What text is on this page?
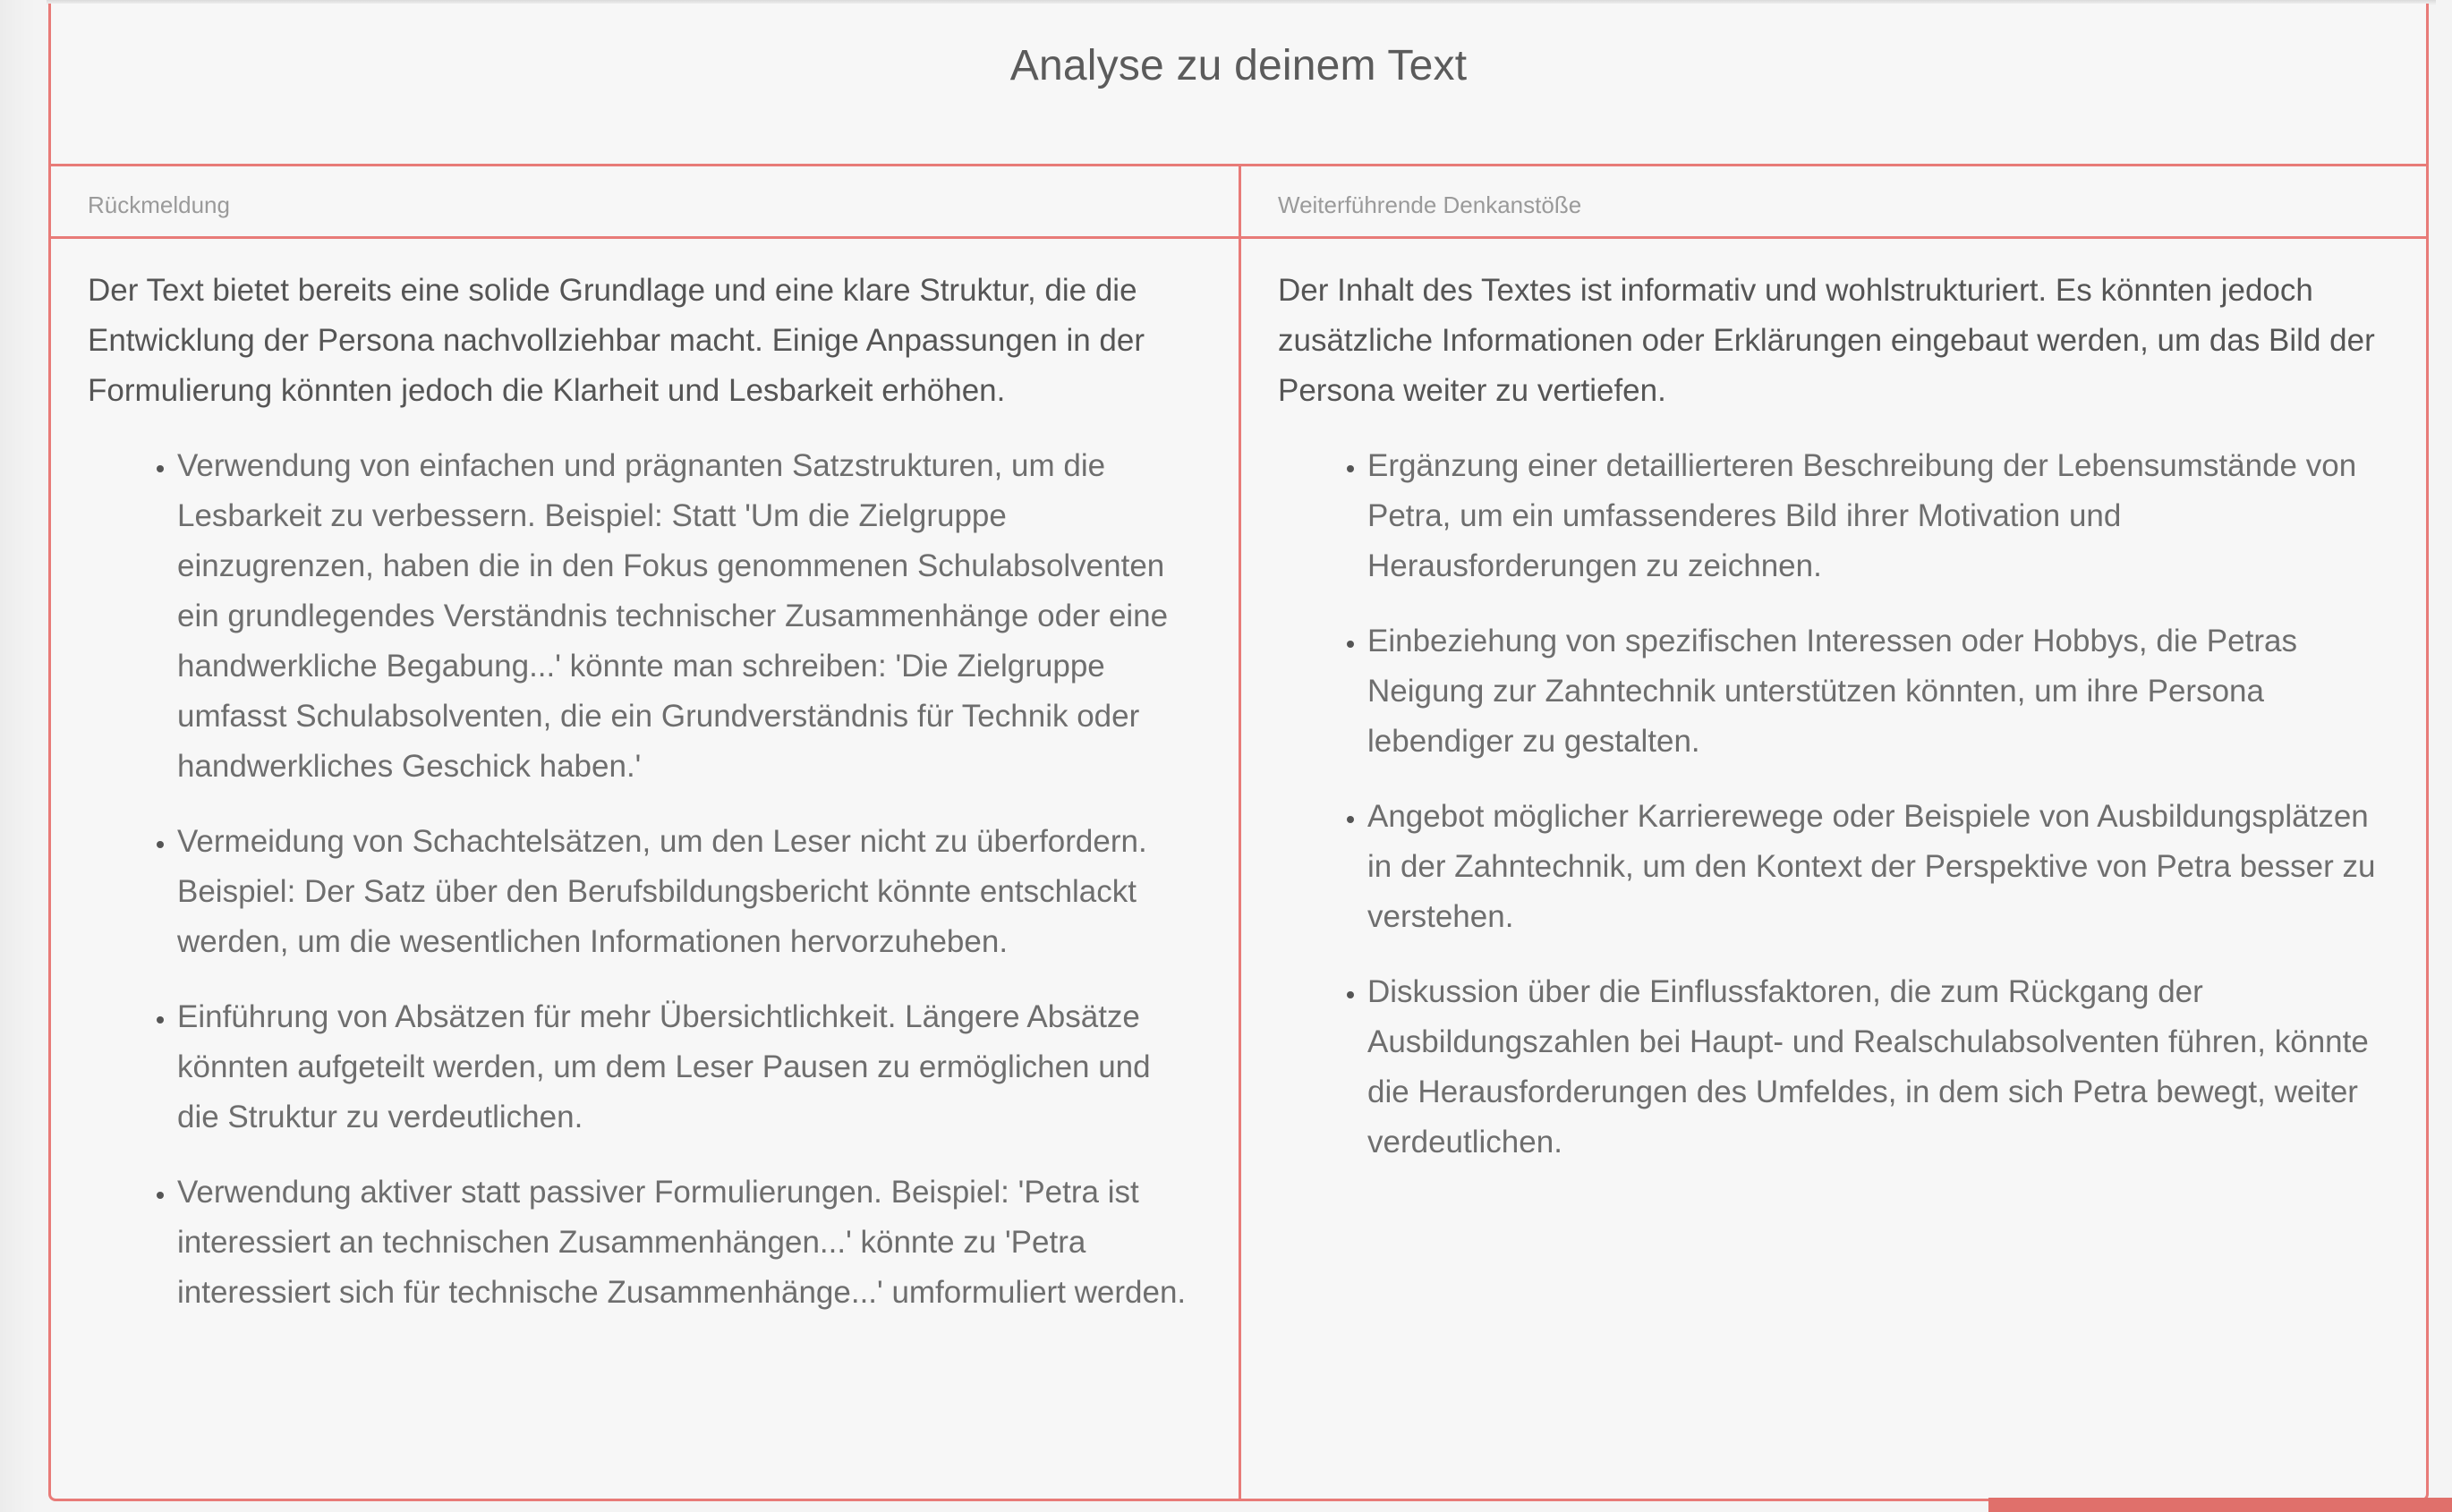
Analyse zu deinem Text
Rückmeldung

Der Text bietet bereits eine solide Grundlage und eine klare Struktur, die die Entwicklung der Persona nachvollziehbar macht. Einige Anpassungen in der Formulierung könnten jedoch die Klarheit und Lesbarkeit erhöhen.

• Verwendung von einfachen und prägnanten Satzstrukturen, um die Lesbarkeit zu verbessern. Beispiel: Statt 'Um die Zielgruppe einzugrenzen, haben die in den Fokus genommenen Schulabsolventen ein grundlegendes Verständnis technischer Zusammenhänge oder eine handwerkliche Begabung...' könnte man schreiben: 'Die Zielgruppe umfasst Schulabsolventen, die ein Grundverständnis für Technik oder handwerkliches Geschick haben.'
• Vermeidung von Schachtelsätzen, um den Leser nicht zu überfordern. Beispiel: Der Satz über den Berufsbildungsbericht könnte entschlackt werden, um die wesentlichen Informationen hervorzuheben.
• Einführung von Absätzen für mehr Übersichtlichkeit. Längere Absätze könnten aufgeteilt werden, um dem Leser Pausen zu ermöglichen und die Struktur zu verdeutlichen.
• Verwendung aktiver statt passiver Formulierungen. Beispiel: 'Petra ist interessiert an technischen Zusammenhängen...' könnte zu 'Petra interessiert sich für technische Zusammenhänge...' umformuliert werden.
Weiterführende Denkanstöße

Der Inhalt des Textes ist informativ und wohlstrukturiert. Es könnten jedoch zusätzliche Informationen oder Erklärungen eingebaut werden, um das Bild der Persona weiter zu vertiefen.

• Ergänzung einer detaillierteren Beschreibung der Lebensumstände von Petra, um ein umfassenderes Bild ihrer Motivation und Herausforderungen zu zeichnen.
• Einbeziehung von spezifischen Interessen oder Hobbys, die Petras Neigung zur Zahntechnik unterstützen könnten, um ihre Persona lebendiger zu gestalten.
• Angebot möglicher Karrierewege oder Beispiele von Ausbildungsplätzen in der Zahntechnik, um den Kontext der Perspektive von Petra besser zu verstehen.
• Diskussion über die Einflussfaktoren, die zum Rückgang der Ausbildungszahlen bei Haupt- und Realschulabsolventen führen, könnte die Herausforderungen des Umfeldes, in dem sich Petra bewegt, weiter verdeutlichen.
